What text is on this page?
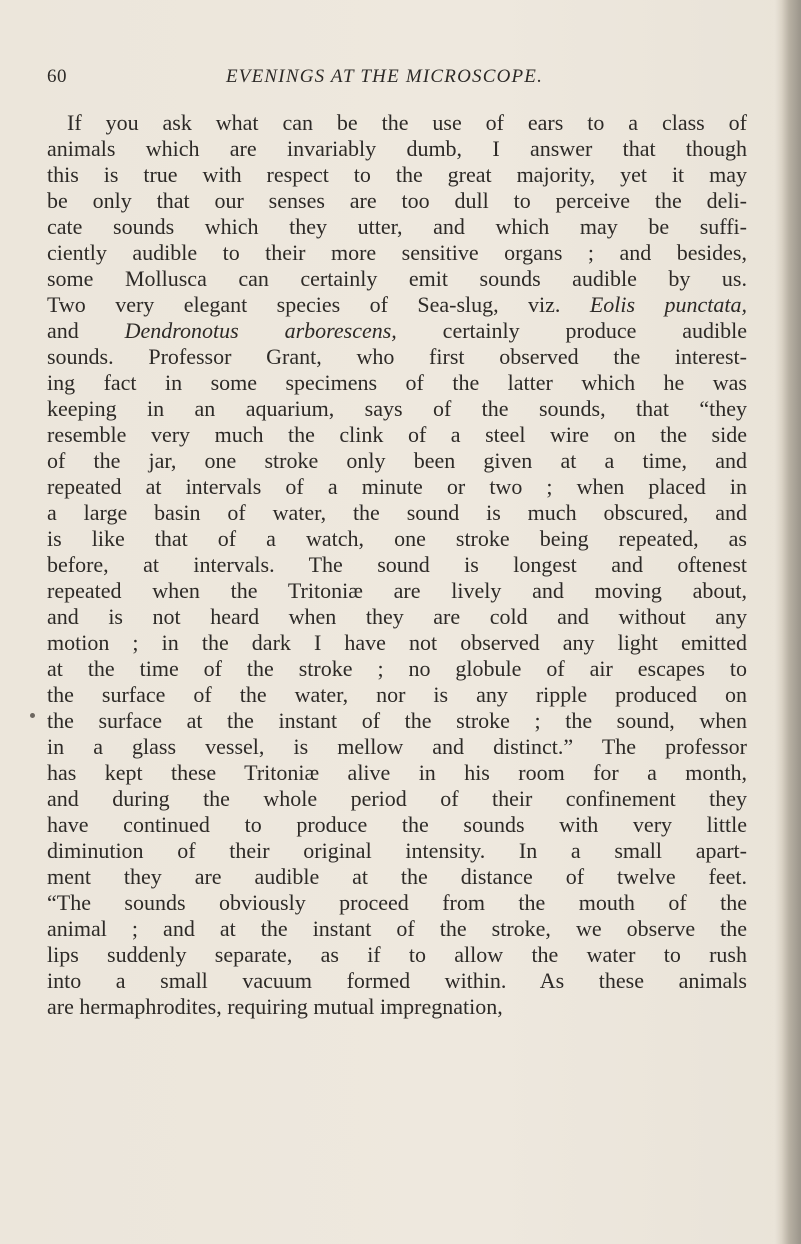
60	EVENINGS AT THE MICROSCOPE.
If you ask what can be the use of ears to a class of
animals which are invariably dumb, I answer that though
this is true with respect to the great majority, yet it may
be only that our senses are too dull to perceive the deli-
cate sounds which they utter, and which may be suffi-
ciently audible to their more sensitive organs ; and besides,
some Mollusca can certainly emit sounds audible by us.
Two very elegant species of Sea-slug, viz. Eolis punctata,
and Dendronotus arborescens, certainly produce audible
sounds. Professor Grant, who first observed the interest-
ing fact in some specimens of the latter which he was
keeping in an aquarium, says of the sounds, that “they
resemble very much the clink of a steel wire on the side
of the jar, one stroke only been given at a time, and
repeated at intervals of a minute or two ; when placed in
a large basin of water, the sound is much obscured, and
is like that of a watch, one stroke being repeated, as
before, at intervals. The sound is longest and oftenest
repeated when the Tritoniæ are lively and moving about,
and is not heard when they are cold and without any
motion ; in the dark I have not observed any light emitted
at the time of the stroke ; no globule of air escapes to
the surface of the water, nor is any ripple produced on
the surface at the instant of the stroke ; the sound, when
in a glass vessel, is mellow and distinct.” The professor
has kept these Tritoniæ alive in his room for a month,
and during the whole period of their confinement they
have continued to produce the sounds with very little
diminution of their original intensity. In a small apart-
ment they are audible at the distance of twelve feet.
“The sounds obviously proceed from the mouth of the
animal ; and at the instant of the stroke, we observe the
lips suddenly separate, as if to allow the water to rush
into a small vacuum formed within. As these animals
are hermaphrodites, requiring mutual impregnation,
